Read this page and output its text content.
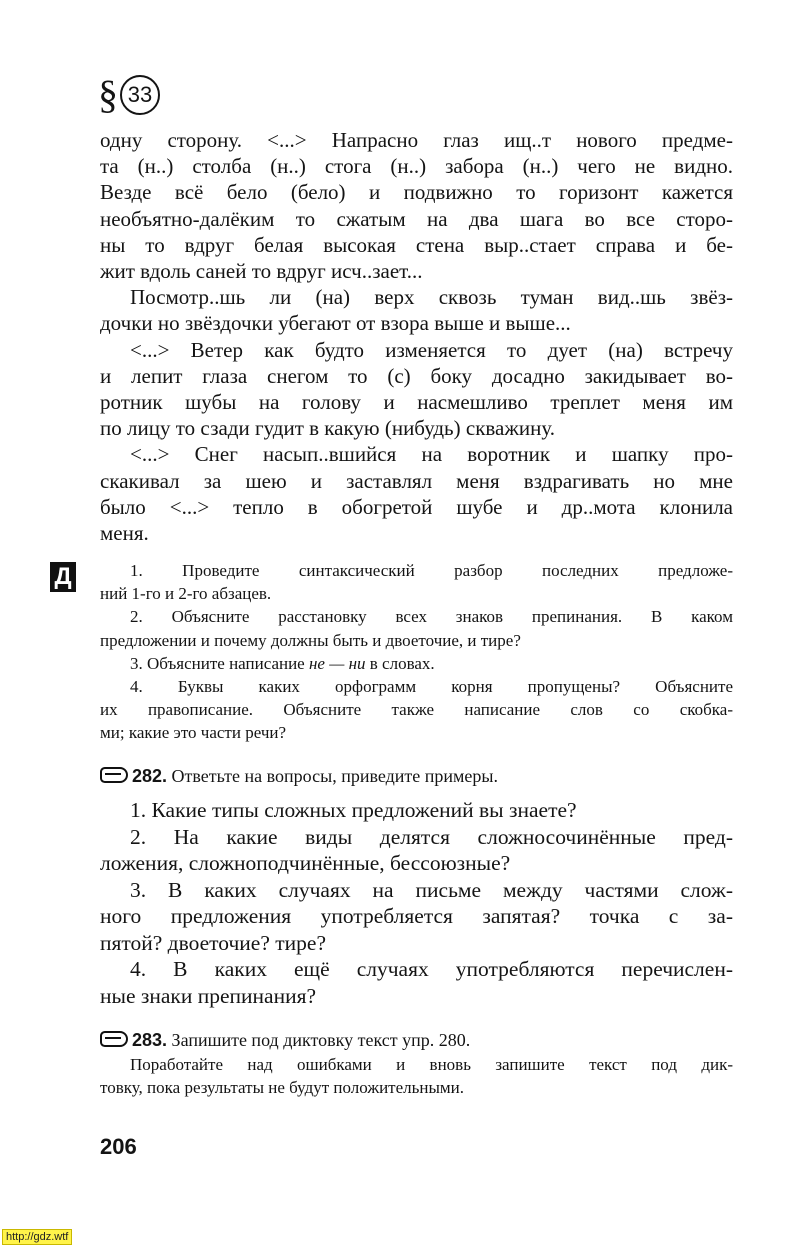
§ 33
одну сторону. <...> Напрасно глаз ищ..т нового предме-
та (н..) столба (н..) стога (н..) забора (н..) чего не видно.
Везде всё бело (бело) и подвижно то горизонт кажется
необъятно-далёким то сжатым на два шага во все сторо-
ны то вдруг белая высокая стена выр..стает справа и бе-
жит вдоль саней то вдруг исч..зает...
Посмотр..шь ли (на) верх сквозь туман вид..шь звёз-
дочки но звёздочки убегают от взора выше и выше...
<...> Ветер как будто изменяется то дует (на) встречу
и лепит глаза снегом то (с) боку досадно закидывает во-
ротник шубы на голову и насмешливо треплет меня им
по лицу то сзади гудит в какую (нибудь) скважину.
<...> Снег насып..вшийся на воротник и шапку про-
скакивал за шею и заставлял меня вздрагивать но мне
было <...> тепло в обогретой шубе и др..мота клонила
меня.
Д	1. Проведите синтаксический разбор последних предложе-
ний 1-го и 2-го абзацев.
2. Объясните расстановку всех знаков препинания. В каком
предложении и почему должны быть и двоеточие, и тире?
3. Объясните написание не — ни в словах.
4. Буквы каких орфограмм корня пропущены? Объясните
их правописание. Объясните также написание слов со скобка-
ми; какие это части речи?
282. Ответьте на вопросы, приведите примеры.
1. Какие типы сложных предложений вы знаете?
2. На какие виды делятся сложносочинённые пред-
ложения, сложноподчинённые, бессоюзные?
3. В каких случаях на письме между частями слож-
ного предложения употребляется запятая? точка с за-
пятой? двоеточие? тире?
4. В каких ещё случаях употребляются перечислен-
ные знаки препинания?
283. Запишите под диктовку текст упр. 280.
Поработайте над ошибками и вновь запишите текст под дик-
товку, пока результаты не будут положительными.
206
http://gdz.wtf
